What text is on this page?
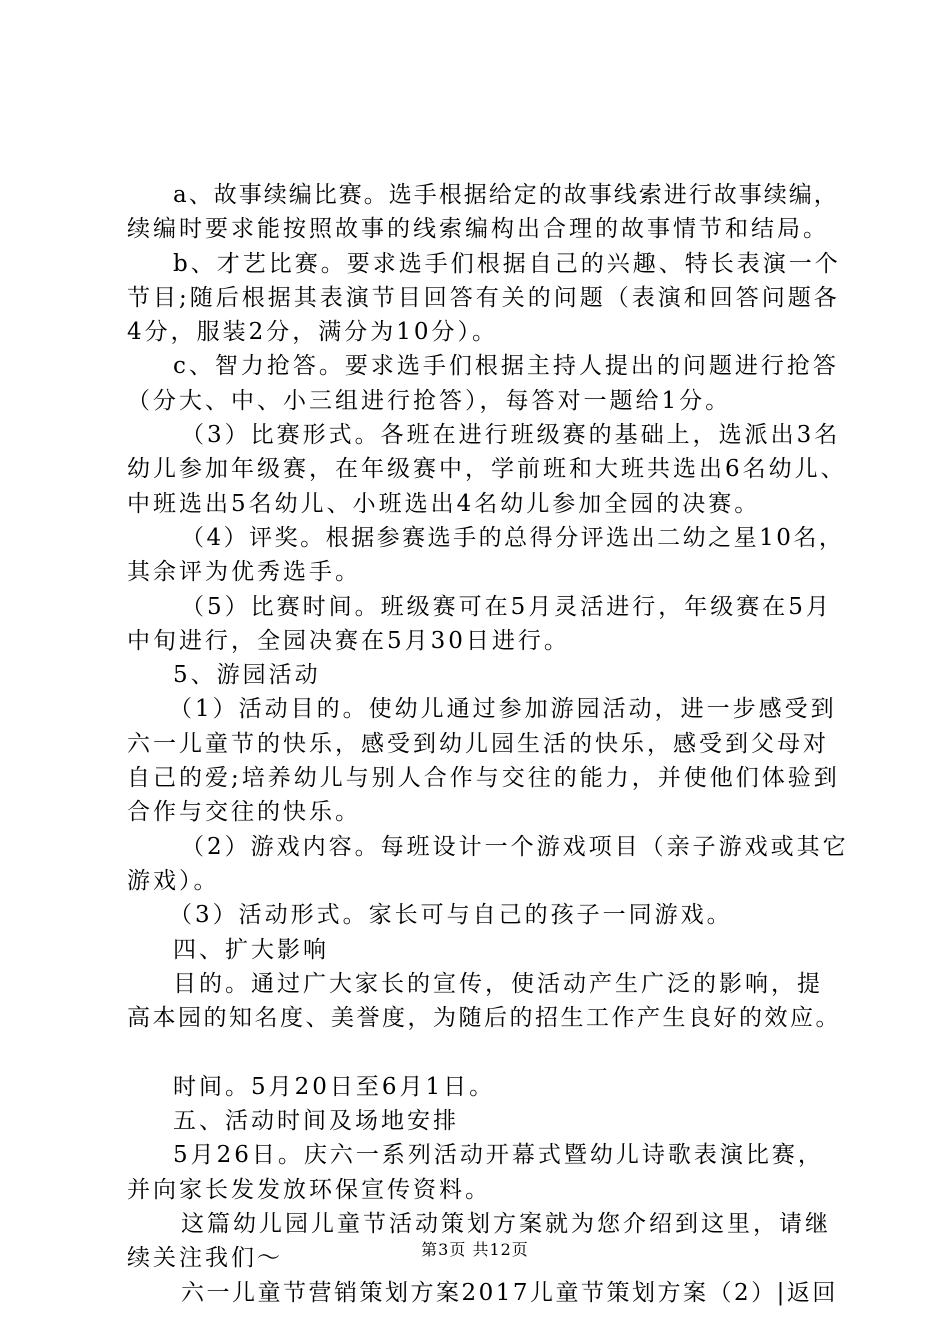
a、故事续编比赛。选手根据给定的故事线索进行故事续编，
续编时要求能按照故事的线索编构出合理的故事情节和结局。
b、才艺比赛。要求选手们根据自己的兴趣、特长表演一个
节目;随后根据其表演节目回答有关的问题（表演和回答问题各
4分，服装2分，满分为10分）。
c、智力抢答。要求选手们根据主持人提出的问题进行抢答
（分大、中、小三组进行抢答），每答对一题给1分。
（3）比赛形式。各班在进行班级赛的基础上，选派出3名
幼儿参加年级赛，在年级赛中，学前班和大班共选出6名幼儿、
中班选出5名幼儿、小班选出4名幼儿参加全园的决赛。
（4）评奖。根据参赛选手的总得分评选出二幼之星10名，
其余评为优秀选手。
（5）比赛时间。班级赛可在5月灵活进行，年级赛在5月
中旬进行，全园决赛在5月30日进行。
5、游园活动
（1）活动目的。使幼儿通过参加游园活动，进一步感受到
六一儿童节的快乐，感受到幼儿园生活的快乐，感受到父母对
自己的爱;培养幼儿与别人合作与交往的能力，并使他们体验到
合作与交往的快乐。
（2）游戏内容。每班设计一个游戏项目（亲子游戏或其它
游戏）。
（3）活动形式。家长可与自己的孩子一同游戏。
四、扩大影响
目的。通过广大家长的宣传，使活动产生广泛的影响，提
高本园的知名度、美誉度，为随后的招生工作产生良好的效应。
时间。5月20日至6月1日。
五、活动时间及场地安排
5月26日。庆六一系列活动开幕式暨幼儿诗歌表演比赛，
并向家长发发放环保宣传资料。
这篇幼儿园儿童节活动策划方案就为您介绍到这里，请继
续关注我们～
六一儿童节营销策划方案2017儿童节策划方案（2）|返回
第3页 共12页
